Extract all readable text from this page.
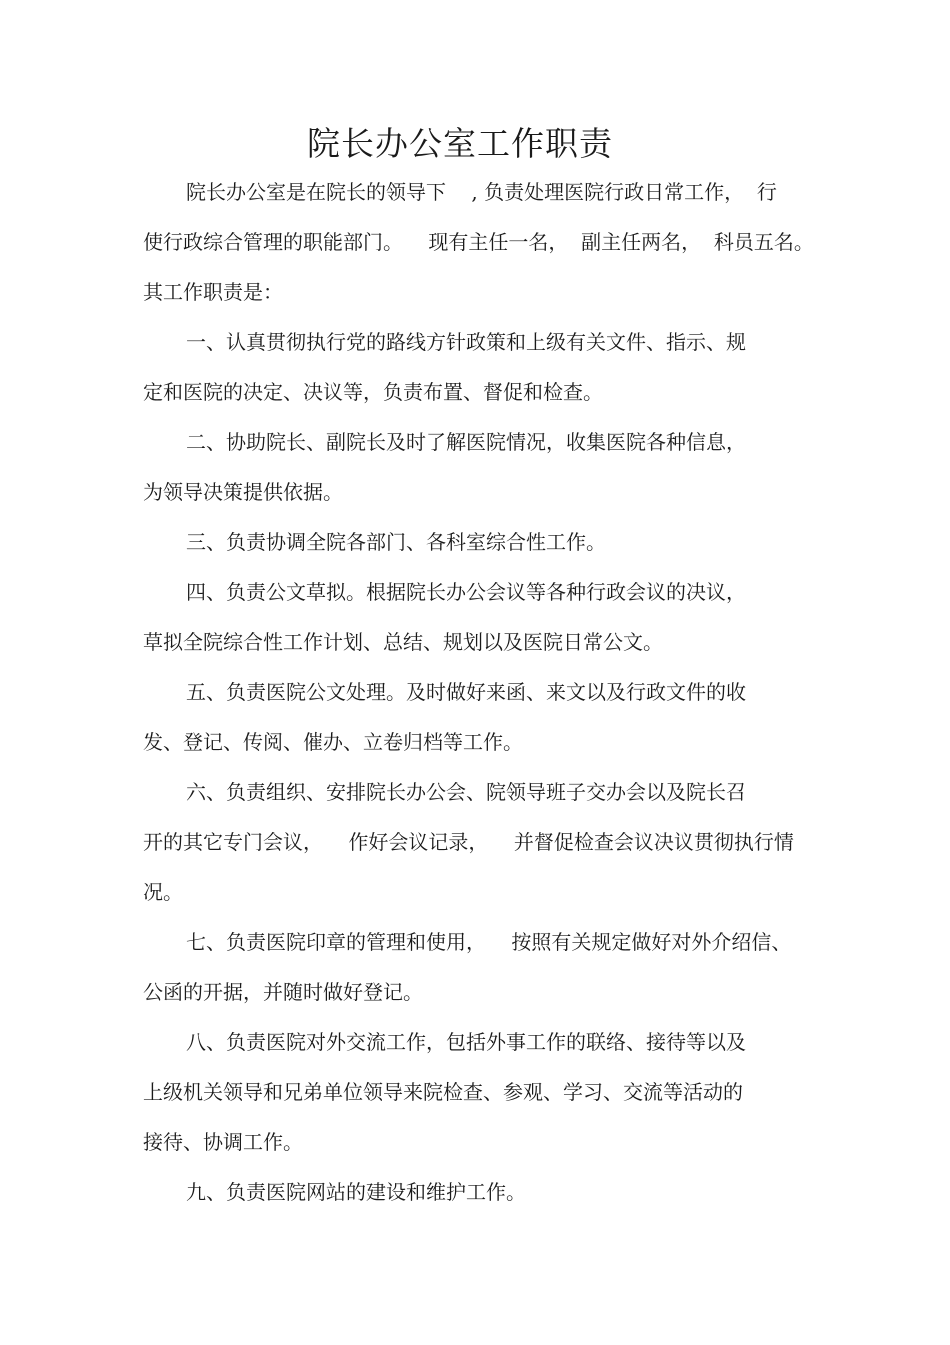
院长办公室工作职责
院长办公室是在院长的领导下    , 负责处理医院行政日常工作，  行
使行政综合管理的职能部门。    现有主任一名，  副主任两名，  科员五名。
其工作职责是：
一、认真贯彻执行党的路线方针政策和上级有关文件、指示、规
定和医院的决定、决议等，负责布置、督促和检查。
二、协助院长、副院长及时了解医院情况，收集医院各种信息，
为领导决策提供依据。
三、负责协调全院各部门、各科室综合性工作。
四、负责公文草拟。根据院长办公会议等各种行政会议的决议，
草拟全院综合性工作计划、总结、规划以及医院日常公文。
五、负责医院公文处理。及时做好来函、来文以及行政文件的收
发、登记、传阅、催办、立卷归档等工作。
六、负责组织、安排院长办公会、院领导班子交办会以及院长召
开的其它专门会议，    作好会议记录，    并督促检查会议决议贯彻执行情
况。
七、负责医院印章的管理和使用，    按照有关规定做好对外介绍信、
公函的开据，并随时做好登记。
八、负责医院对外交流工作，包括外事工作的联络、接待等以及
上级机关领导和兄弟单位领导来院检查、参观、学习、交流等活动的
接待、协调工作。
九、负责医院网站的建设和维护工作。
